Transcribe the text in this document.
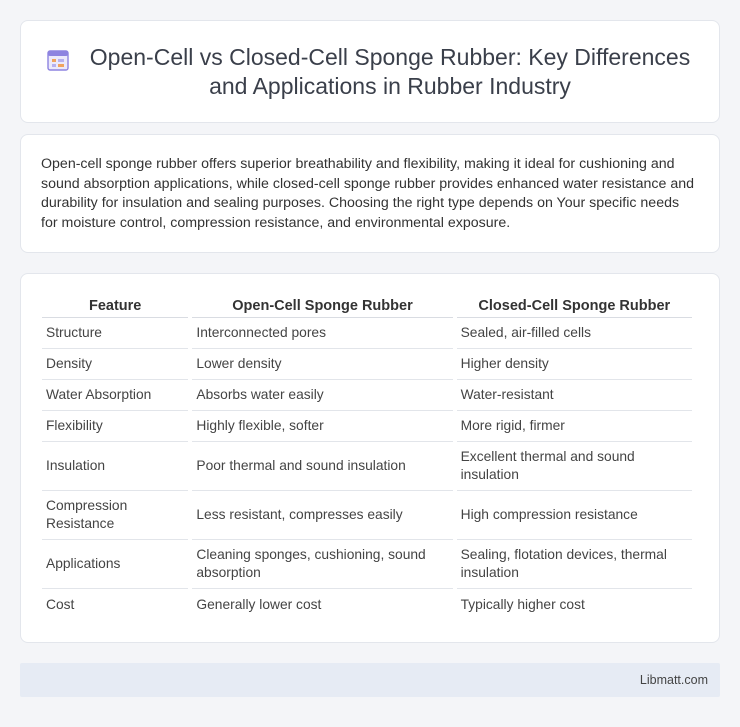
Open-Cell vs Closed-Cell Sponge Rubber: Key Differences and Applications in Rubber Industry

Open-cell sponge rubber offers superior breathability and flexibility, making it ideal for cushioning and sound absorption applications, while closed-cell sponge rubber provides enhanced water resistance and durability for insulation and sealing purposes. Choosing the right type depends on Your specific needs for moisture control, compression resistance, and environmental exposure.

Feature	Open-Cell Sponge Rubber	Closed-Cell Sponge Rubber
Structure	Interconnected pores	Sealed, air-filled cells
Density	Lower density	Higher density
Water Absorption	Absorbs water easily	Water-resistant
Flexibility	Highly flexible, softer	More rigid, firmer
Insulation	Poor thermal and sound insulation	Excellent thermal and sound insulation
Compression Resistance	Less resistant, compresses easily	High compression resistance
Applications	Cleaning sponges, cushioning, sound absorption	Sealing, flotation devices, thermal insulation
Cost	Generally lower cost	Typically higher cost
Libmatt.com
